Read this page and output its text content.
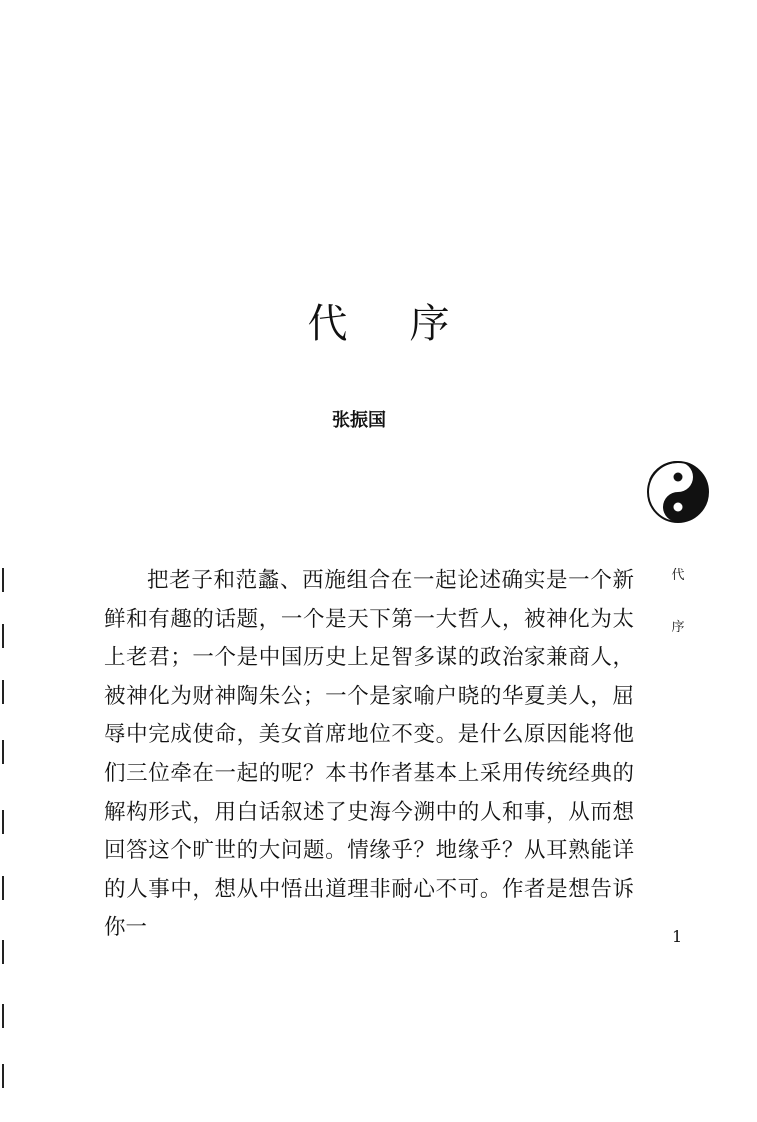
代 序
张振国

把老子和范蠡、西施组合在一起论述确实是一个新鲜和有趣的话题，一个是天下第一大哲人，被神化为太上老君；一个是中国历史上足智多谋的政治家兼商人，被神化为财神陶朱公；一个是家喻户晓的华夏美人，屈辱中完成使命，美女首席地位不变。是什么原因能将他们三位牵在一起的呢？本书作者基本上采用传统经典的解构形式，用白话叙述了史海今溯中的人和事，从而想回答这个旷世的大问题。情缘乎？地缘乎？从耳熟能详的人事中，想从中悟出道理非耐心不可。作者是想告诉你一

代
序
1
